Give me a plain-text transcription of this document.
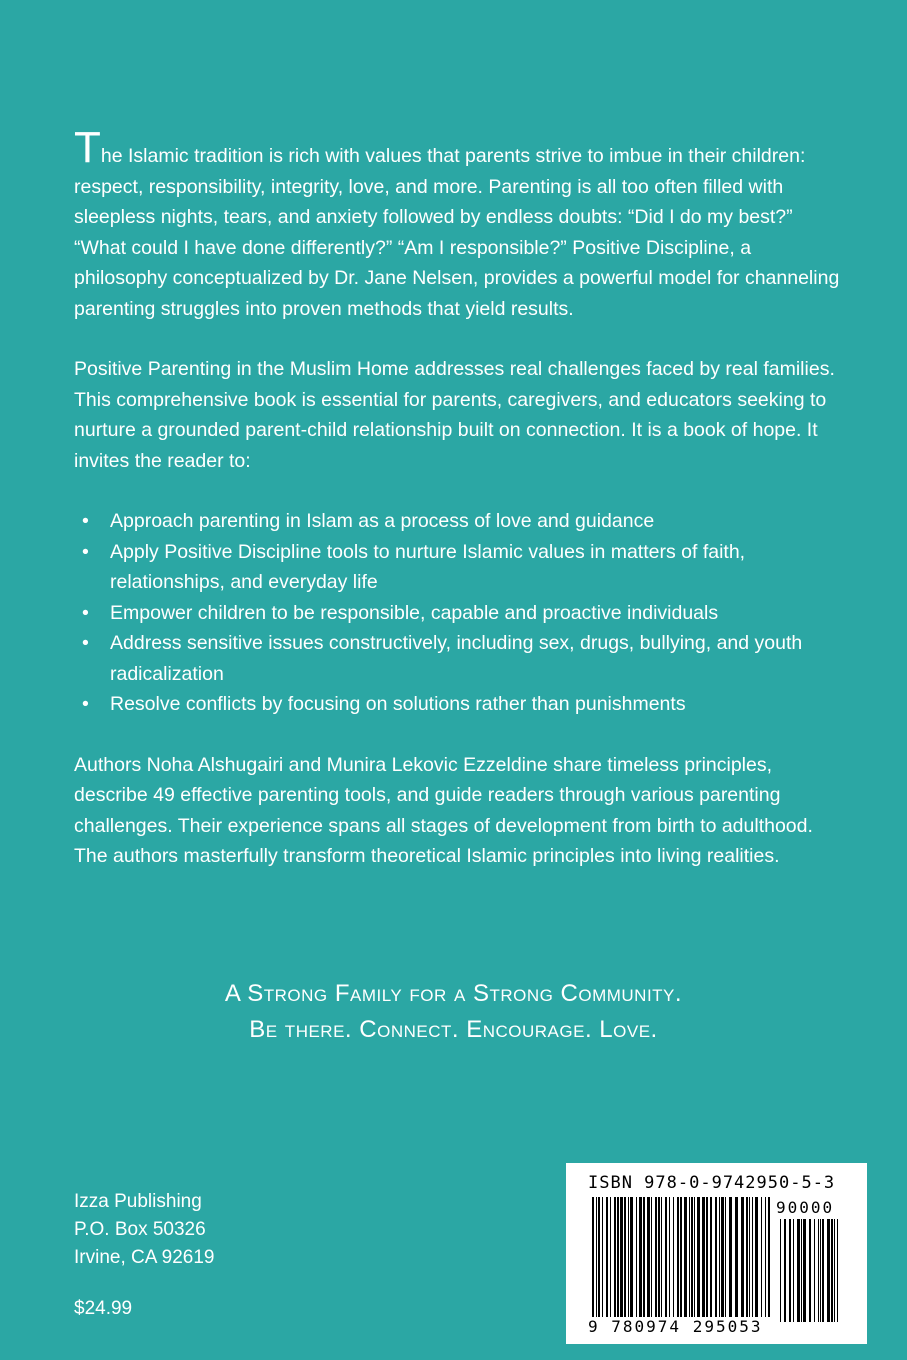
The Islamic tradition is rich with values that parents strive to imbue in their children: respect, responsibility, integrity, love, and more. Parenting is all too often filled with sleepless nights, tears, and anxiety followed by endless doubts: “Did I do my best?” “What could I have done differently?” “Am I responsible?” Positive Discipline, a philosophy conceptualized by Dr. Jane Nelsen, provides a powerful model for channeling parenting struggles into proven methods that yield results.

Positive Parenting in the Muslim Home addresses real challenges faced by real families. This comprehensive book is essential for parents, caregivers, and educators seeking to nurture a grounded parent-child relationship built on connection. It is a book of hope. It invites the reader to:

• Approach parenting in Islam as a process of love and guidance
• Apply Positive Discipline tools to nurture Islamic values in matters of faith, relationships, and everyday life
• Empower children to be responsible, capable and proactive individuals
• Address sensitive issues constructively, including sex, drugs, bullying, and youth radicalization
• Resolve conflicts by focusing on solutions rather than punishments

Authors Noha Alshugairi and Munira Lekovic Ezzeldine share timeless principles, describe 49 effective parenting tools, and guide readers through various parenting challenges. Their experience spans all stages of development from birth to adulthood. The authors masterfully transform theoretical Islamic principles into living realities.

A Strong Family for a Strong Community.
Be there. Connect. Encourage. Love.
Izza Publishing
P.O. Box 50326
Irvine, CA 92619
$24.99
ISBN 978-0-9742950-5-3
90000
9 780974 295053
